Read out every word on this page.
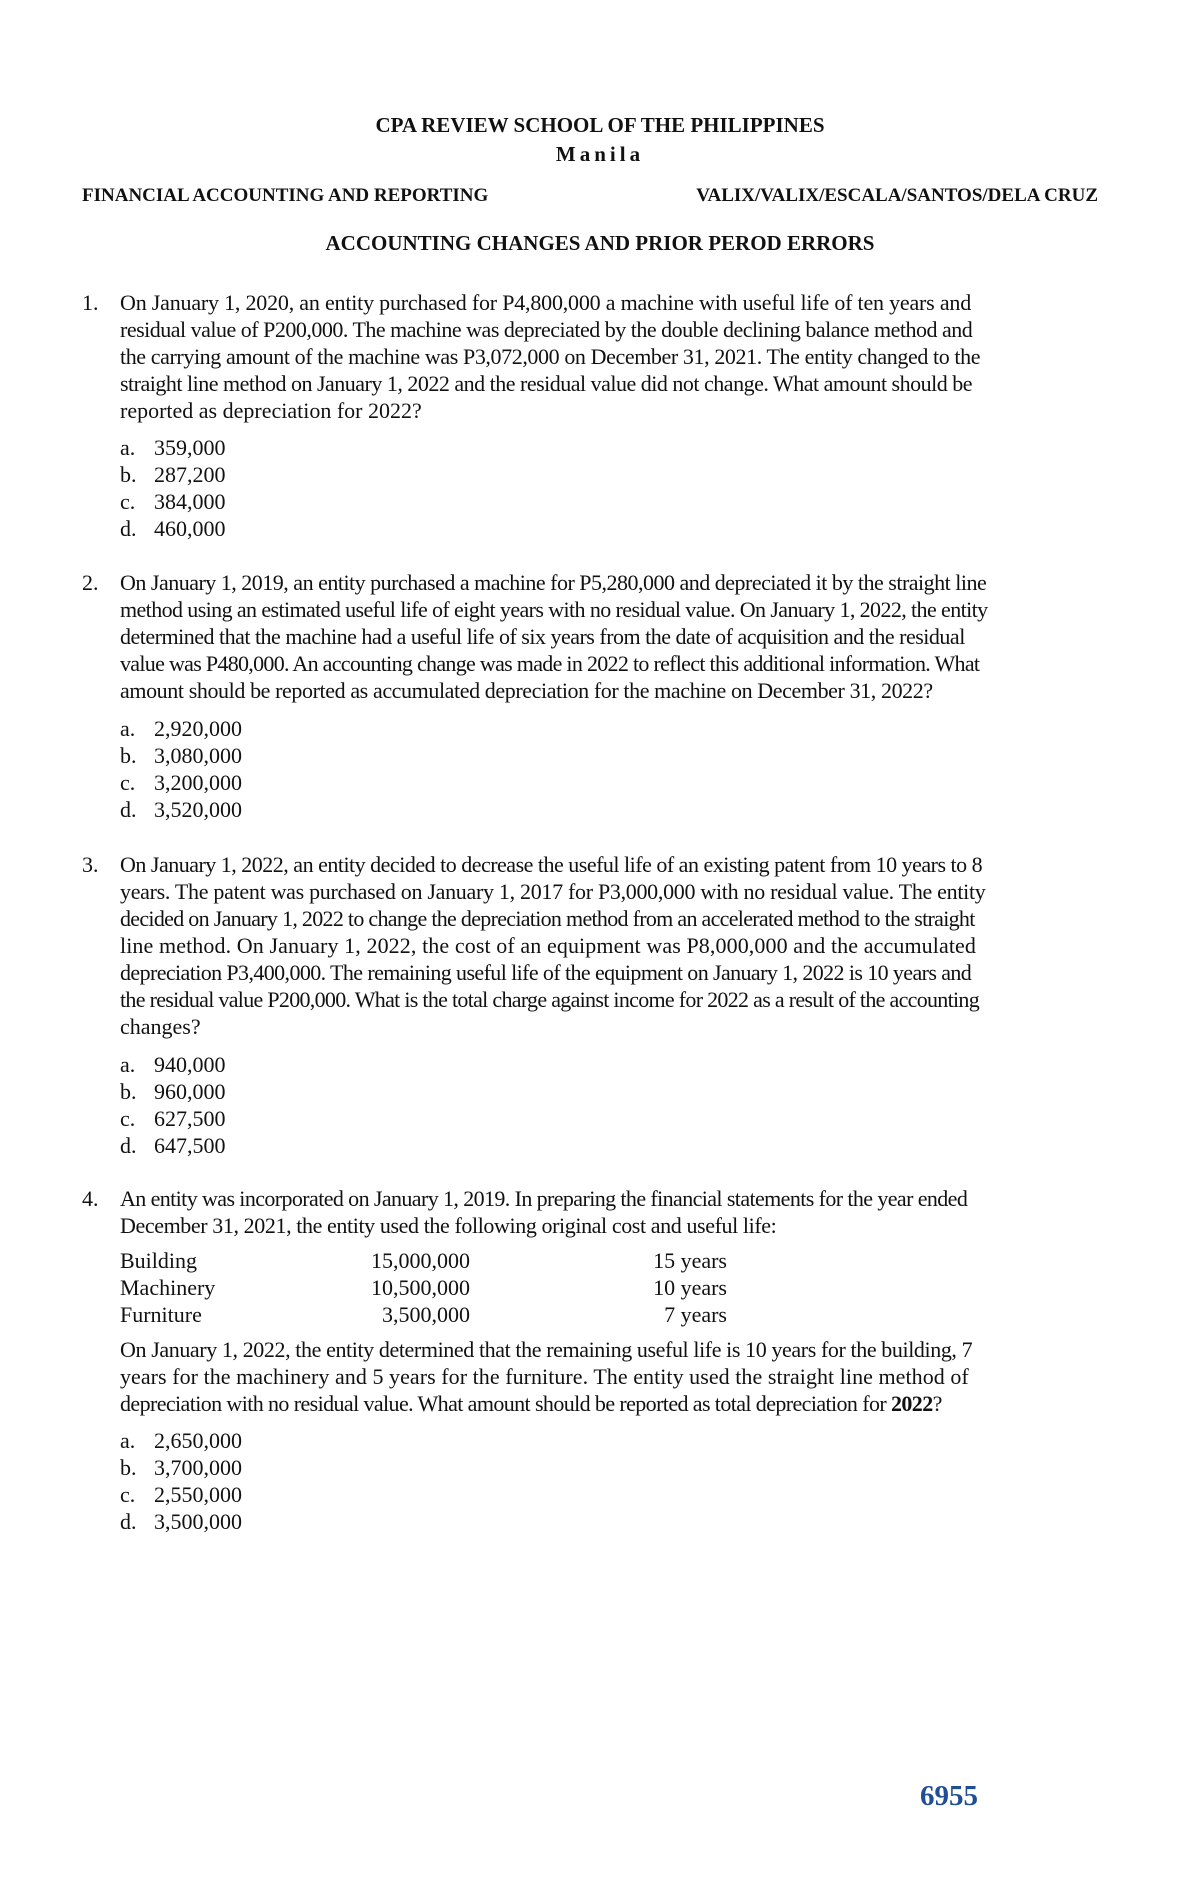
CPA REVIEW SCHOOL OF THE PHILIPPINES
Manila
FINANCIAL ACCOUNTING AND REPORTING	VALIX/VALIX/ESCALA/SANTOS/DELA CRUZ
ACCOUNTING CHANGES AND PRIOR PEROD ERRORS
1. On January 1, 2020, an entity purchased for P4,800,000 a machine with useful life of ten years and
residual value of P200,000. The machine was depreciated by the double declining balance method and
the carrying amount of the machine was P3,072,000 on December 31, 2021. The entity changed to the
straight line method on January 1, 2022 and the residual value did not change. What amount should be
reported as depreciation for 2022?
a. 359,000
b. 287,200
c. 384,000
d. 460,000
2. On January 1, 2019, an entity purchased a machine for P5,280,000 and depreciated it by the straight line
method using an estimated useful life of eight years with no residual value. On January 1, 2022, the entity
determined that the machine had a useful life of six years from the date of acquisition and the residual
value was P480,000. An accounting change was made in 2022 to reflect this additional information. What
amount should be reported as accumulated depreciation for the machine on December 31, 2022?
a. 2,920,000
b. 3,080,000
c. 3,200,000
d. 3,520,000
3. On January 1, 2022, an entity decided to decrease the useful life of an existing patent from 10 years to 8
years. The patent was purchased on January 1, 2017 for P3,000,000 with no residual value. The entity
decided on January 1, 2022 to change the depreciation method from an accelerated method to the straight
line method. On January 1, 2022, the cost of an equipment was P8,000,000 and the accumulated
depreciation P3,400,000. The remaining useful life of the equipment on January 1, 2022 is 10 years and
the residual value P200,000. What is the total charge against income for 2022 as a result of the accounting
changes?
a. 940,000
b. 960,000
c. 627,500
d. 647,500
4. An entity was incorporated on January 1, 2019. In preparing the financial statements for the year ended
December 31, 2021, the entity used the following original cost and useful life:
Building	15,000,000	15 years
Machinery	10,500,000	10 years
Furniture	3,500,000	7 years
On January 1, 2022, the entity determined that the remaining useful life is 10 years for the building, 7
years for the machinery and 5 years for the furniture. The entity used the straight line method of
depreciation with no residual value. What amount should be reported as total depreciation for 2022?
a. 2,650,000
b. 3,700,000
c. 2,550,000
d. 3,500,000
6955
